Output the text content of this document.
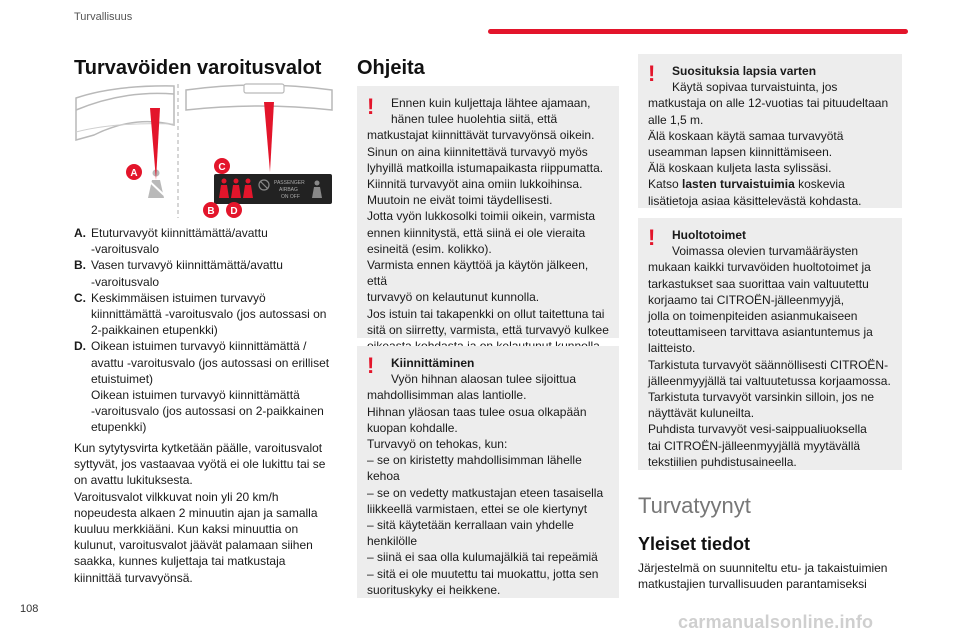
Turvallisuus
Turvavöiden varoitusvalot
PASSENGER
AIRBAG
ON OFF
A
C
B D
A. Etuturvavyöt kiinnittämättä/avattu
-varoitusvalo
B. Vasen turvavyö kiinnittämättä/avattu
-varoitusvalo
C. Keskimmäisen istuimen turvavyö
kiinnittämättä -varoitusvalo (jos autossasi on
2-paikkainen etupenkki)
D. Oikean istuimen turvavyö kiinnittämättä /
avattu -varoitusvalo (jos autossasi on erilliset
etuistuimet)
Oikean istuimen turvavyö kiinnittämättä
-varoitusvalo (jos autossasi on 2-paikkainen
etupenkki)
Kun sytytysvirta kytketään päälle, varoitusvalot
syttyvät, jos vastaavaa vyötä ei ole lukittu tai se
on avattu lukituksesta.
Varoitusvalot vilkkuvat noin yli 20 km/h
nopeudesta alkaen 2 minuutin ajan ja samalla
kuuluu merkkiääni. Kun kaksi minuuttia on
kulunut, varoitusvalot jäävät palamaan siihen
saakka, kunnes kuljettaja tai matkustaja
kiinnittää turvavyönsä.
Ohjeita
!	Ennen kuin kuljettaja lähtee ajamaan,
hänen tulee huolehtia siitä, että
matkustajat kiinnittävät turvavyönsä oikein.
Sinun on aina kiinnitettävä turvavyö myös
lyhyillä matkoilla istumapaikasta riippumatta.
Kiinnitä turvavyöt aina omiin lukkoihinsa.
Muutoin ne eivät toimi täydellisesti.
Jotta vyön lukkosolki toimii oikein, varmista
ennen kiinnitystä, että siinä ei ole vieraita
esineitä (esim. kolikko).
Varmista ennen käyttöä ja käytön jälkeen, että
turvavyö on kelautunut kunnolla.
Jos istuin tai takapenkki on ollut taitettuna tai
sitä on siirretty, varmista, että turvavyö kulkee

!	Kiinnittäminen
Vyön hihnan alaosan tulee sijoittua
mahdollisimman alas lantiolle.
Hihnan yläosan taas tulee osua olkapään
kuopan kohdalle.
Turvavyö on tehokas, kun:
– se on kiristetty mahdollisimman lähelle
kehoa
– se on vedetty matkustajan eteen tasaisella
liikkeellä varmistaen, ettei se ole kiertynyt
– sitä käytetään kerrallaan vain yhdelle
henkilölle
– siinä ei saa olla kulumajälkiä tai repeämiä
– sitä ei ole muutettu tai muokattu, jotta sen
suorituskyky ei heikkene.
!	Suosituksia lapsia varten
Käytä sopivaa turvaistuinta, jos
matkustaja on alle 12-vuotias tai pituudeltaan
alle 1,5 m.
Älä koskaan käytä samaa turvavyötä
useamman lapsen kiinnittämiseen.
Älä koskaan kuljeta lasta sylissäsi.
Katso lasten turvaistuimia koskevia
lisätietoja asiaa käsittelevästä kohdasta.
!	Huoltotoimet
Voimassa olevien turvamääräysten
mukaan kaikki turvavöiden huoltotoimet ja
tarkastukset saa suorittaa vain valtuutettu
korjaamo tai CITROËN-jälleenmyyjä,
jolla on toimenpiteiden asianmukaiseen
toteuttamiseen tarvittava asiantuntemus ja
laitteisto.
Tarkistuta turvavyöt säännöllisesti CITROËN-
jälleenmyyjällä tai valtuutetussa korjaamossa.
Tarkistuta turvavyöt varsinkin silloin, jos ne
näyttävät kuluneilta.
Puhdista turvavyöt vesi-saippualiuoksella
tai CITROËN-jälleenmyyjällä myytävällä
tekstiilien puhdistusaineella.
Turvatyynyt
Yleiset tiedot
Järjestelmä on suunniteltu etu- ja takaistuimien
matkustajien turvallisuuden parantamiseksi
108
carmanualsonline.info
